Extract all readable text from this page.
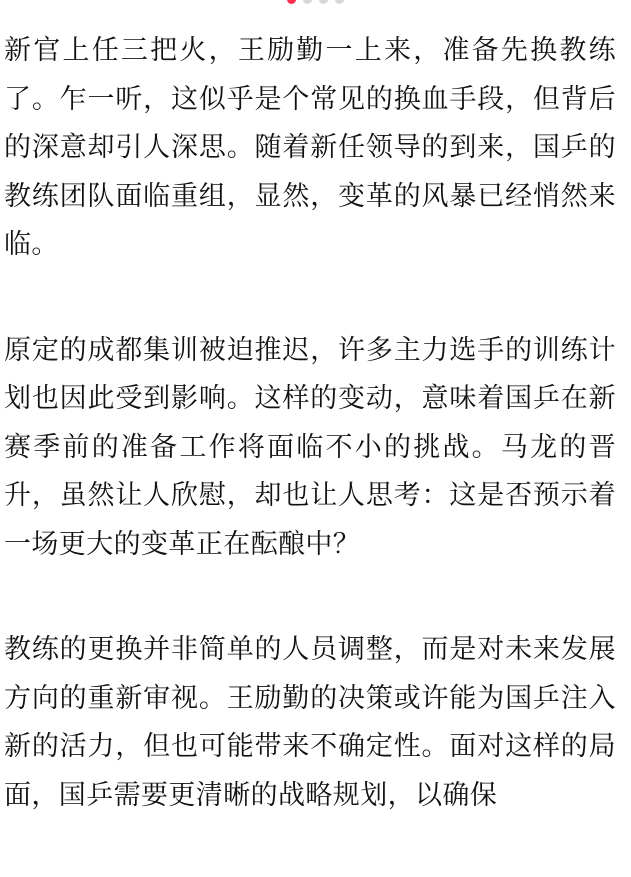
新官上任三把火，王励勤一上来，准备先换教练了。乍一听，这似乎是个常见的换血手段，但背后的深意却引人深思。随着新任领导的到来，国乒的教练团队面临重组，显然，变革的风暴已经悄然来临。

原定的成都集训被迫推迟，许多主力选手的训练计划也因此受到影响。这样的变动，意味着国乒在新赛季前的准备工作将面临不小的挑战。马龙的晋升，虽然让人欣慰，却也让人思考：这是否预示着一场更大的变革正在酝酿中？

教练的更换并非简单的人员调整，而是对未来发展方向的重新审视。王励勤的决策或许能为国乒注入新的活力，但也可能带来不确定性。面对这样的局面，国乒需要更清晰的战略规划，以确保
